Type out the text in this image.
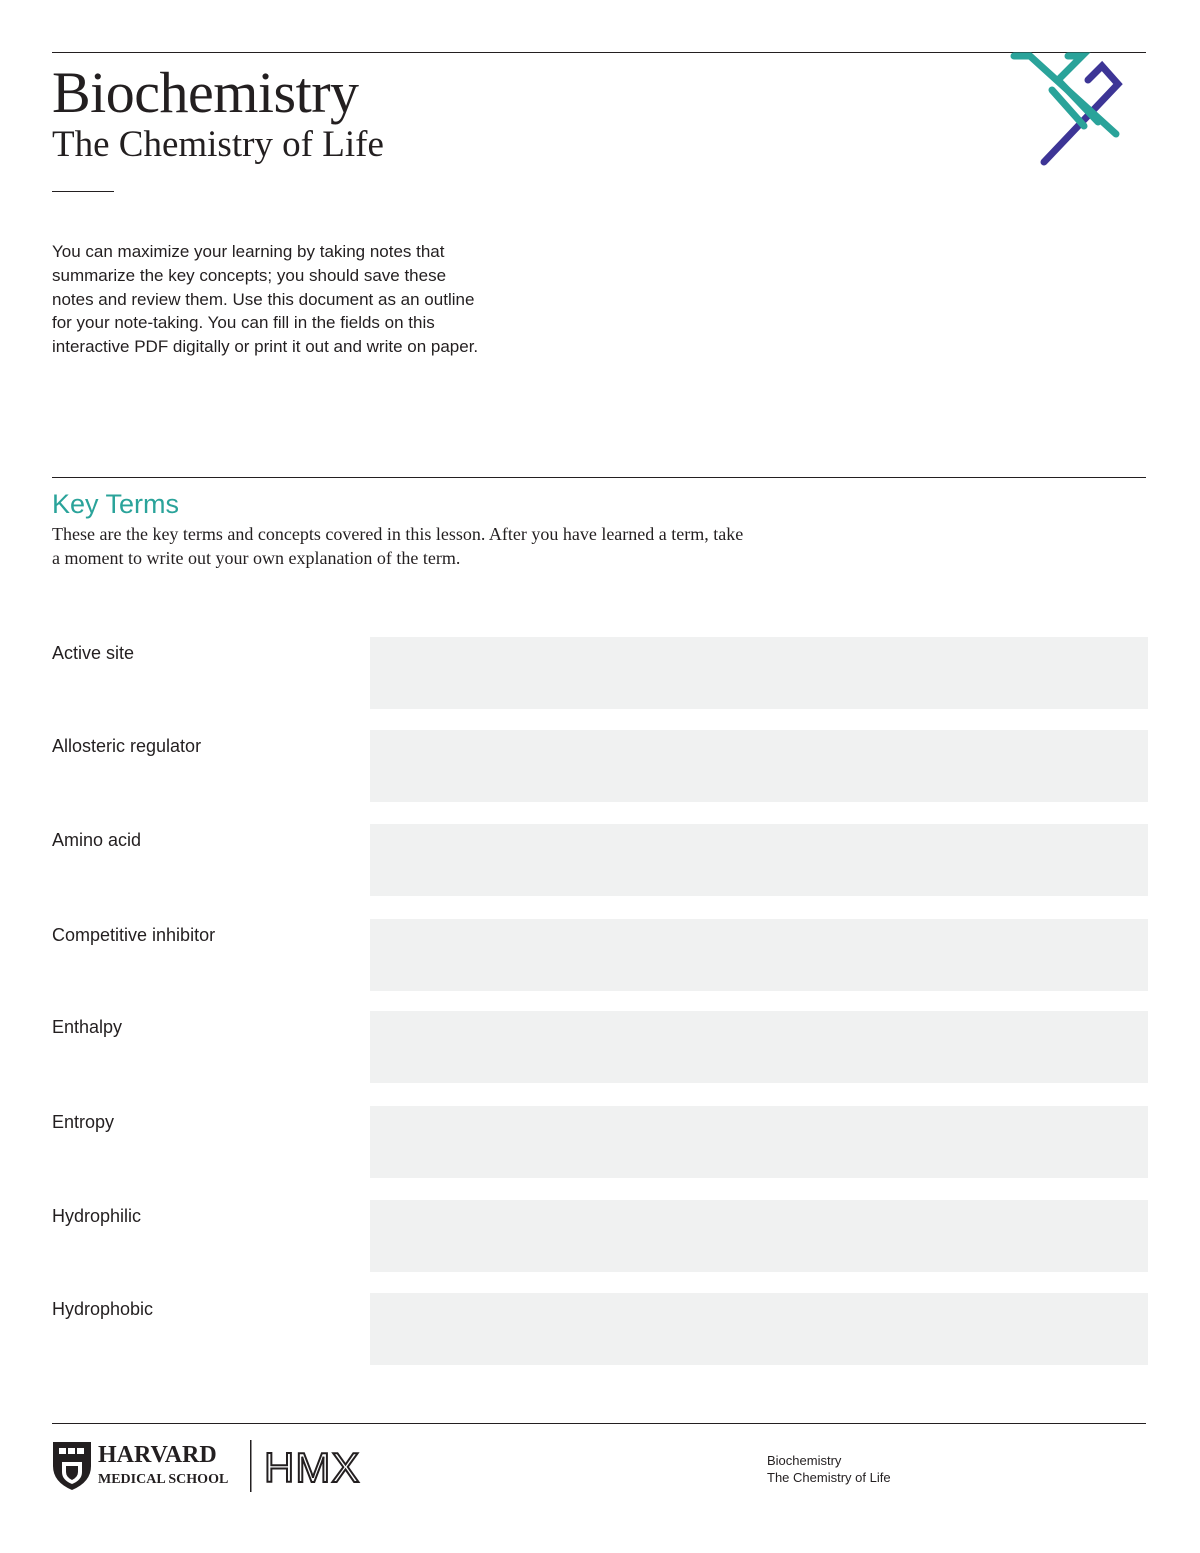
Biochemistry
The Chemistry of Life

You can maximize your learning by taking notes that summarize the key concepts; you should save these notes and review them. Use this document as an outline for your note-taking. You can fill in the fields on this interactive PDF digitally or print it out and write on paper.

Key Terms

These are the key terms and concepts covered in this lesson. After you have learned a term, take a moment to write out your own explanation of the term.

Active site
Allosteric regulator
Amino acid
Competitive inhibitor
Enthalpy
Entropy
Hydrophilic
Hydrophobic
HARVARD
MEDICAL SCHOOL HMX	Biochemistry
The Chemistry of Life
